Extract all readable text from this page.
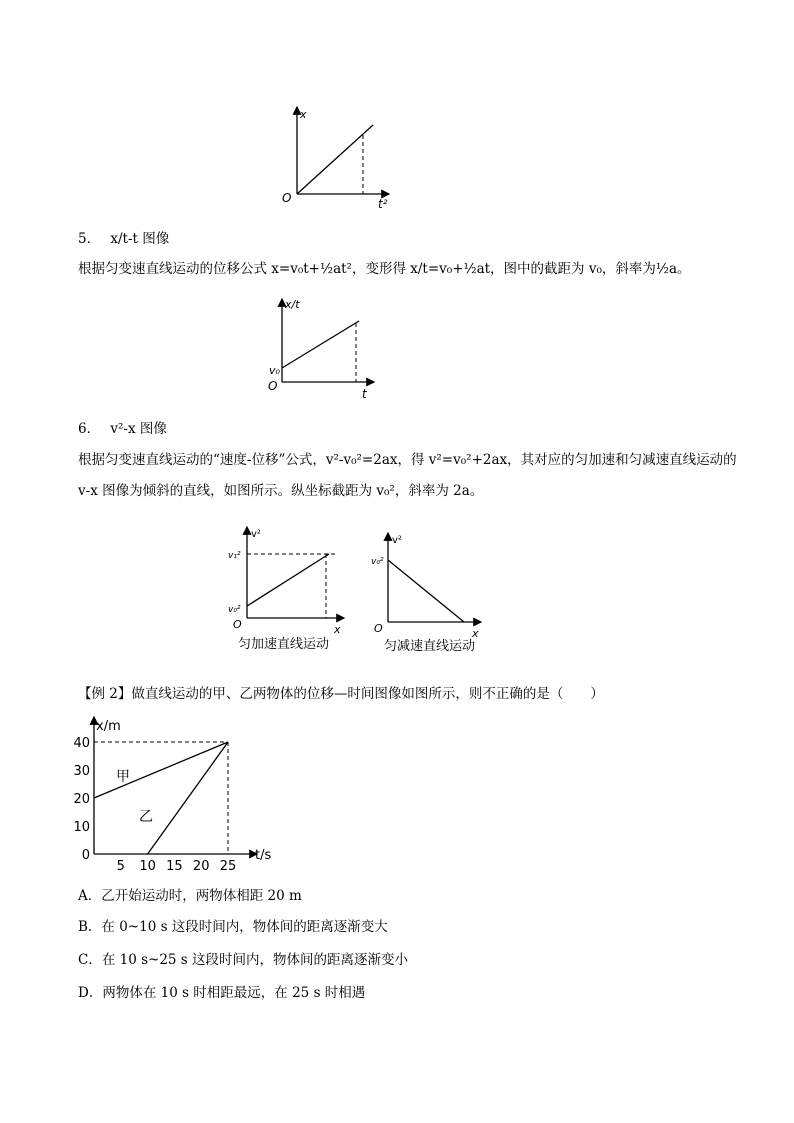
x
t²
O
5． x/t-t 图像
根据匀变速直线运动的位移公式 x=v₀t+½at²，变形得 x/t=v₀+½at，图中的截距为 v₀，斜率为½a。
x/t
t
v₀
O
6． v²-x 图像
根据匀变速直线运动的“速度-位移”公式，v²-v₀²=2ax，得 v²=v₀²+2ax，其对应的匀加速和匀减速直线运动的
v-x 图像为倾斜的直线，如图所示。纵坐标截距为 v₀²，斜率为 2a。
v²
v₁²
v₀²
O	x
匀加速直线运动
v²
v₀²
O	x
匀减速直线运动
【例 2】做直线运动的甲、乙两物体的位移—时间图像如图所示，则不正确的是（　　）
x/m
t/s
40
30
20
10
0
5 10 15 20 25
甲
乙
A．乙开始运动时，两物体相距 20 m
B．在 0~10 s 这段时间内，物体间的距离逐渐变大
C．在 10 s~25 s 这段时间内，物体间的距离逐渐变小
D．两物体在 10 s 时相距最远，在 25 s 时相遇
